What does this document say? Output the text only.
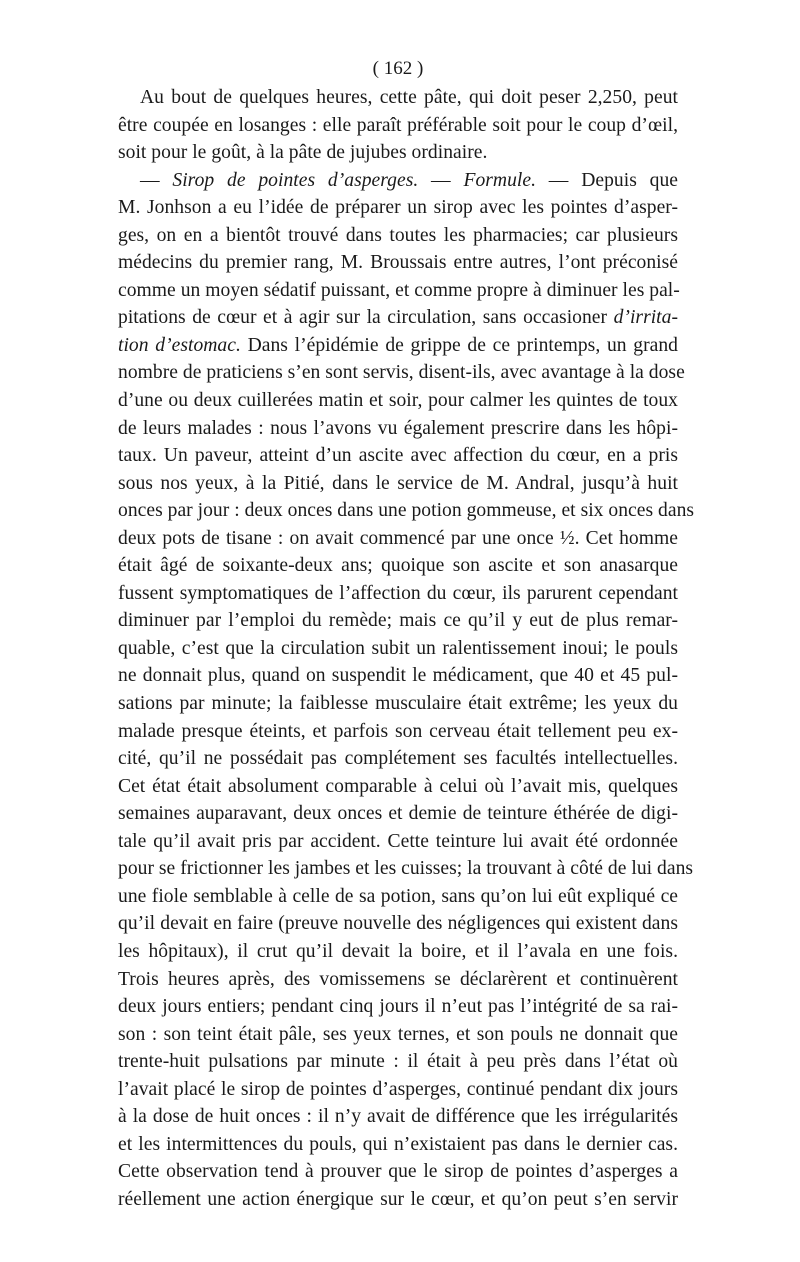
( 162 )
Au bout de quelques heures, cette pâte, qui doit peser 2,250, peut
être coupée en losanges : elle paraît préférable soit pour le coup d’œil,
soit pour le goût, à la pâte de jujubes ordinaire.
— Sirop de pointes d’asperges. — Formule. — Depuis que
M. Jonhson a eu l’idée de préparer un sirop avec les pointes d’asper-
ges, on en a bientôt trouvé dans toutes les pharmacies; car plusieurs
médecins du premier rang, M. Broussais entre autres, l’ont préconisé
comme un moyen sédatif puissant, et comme propre à diminuer les pal-
pitations de cœur et à agir sur la circulation, sans occasioner d’irrita-
tion d’estomac. Dans l’épidémie de grippe de ce printemps, un grand
nombre de praticiens s’en sont servis, disent-ils, avec avantage à la dose
d’une ou deux cuillerées matin et soir, pour calmer les quintes de toux
de leurs malades : nous l’avons vu également prescrire dans les hôpi-
taux. Un paveur, atteint d’un ascite avec affection du cœur, en a pris
sous nos yeux, à la Pitié, dans le service de M. Andral, jusqu’à huit
onces par jour : deux onces dans une potion gommeuse, et six onces dans
deux pots de tisane : on avait commencé par une once ½. Cet homme
était âgé de soixante-deux ans; quoique son ascite et son anasarque
fussent symptomatiques de l’affection du cœur, ils parurent cependant
diminuer par l’emploi du remède; mais ce qu’il y eut de plus remar-
quable, c’est que la circulation subit un ralentissement inoui; le pouls
ne donnait plus, quand on suspendit le médicament, que 40 et 45 pul-
sations par minute; la faiblesse musculaire était extrême; les yeux du
malade presque éteints, et parfois son cerveau était tellement peu ex-
cité, qu’il ne possédait pas complétement ses facultés intellectuelles.
Cet état était absolument comparable à celui où l’avait mis, quelques
semaines auparavant, deux onces et demie de teinture éthérée de digi-
tale qu’il avait pris par accident. Cette teinture lui avait été ordonnée
pour se frictionner les jambes et les cuisses; la trouvant à côté de lui dans
une fiole semblable à celle de sa potion, sans qu’on lui eût expliqué ce
qu’il devait en faire (preuve nouvelle des négligences qui existent dans
les hôpitaux), il crut qu’il devait la boire, et il l’avala en une fois.
Trois heures après, des vomissemens se déclarèrent et continuèrent
deux jours entiers; pendant cinq jours il n’eut pas l’intégrité de sa rai-
son : son teint était pâle, ses yeux ternes, et son pouls ne donnait que
trente-huit pulsations par minute : il était à peu près dans l’état où
l’avait placé le sirop de pointes d’asperges, continué pendant dix jours
à la dose de huit onces : il n’y avait de différence que les irrégularités
et les intermittences du pouls, qui n’existaient pas dans le dernier cas.
Cette observation tend à prouver que le sirop de pointes d’asperges a
réellement une action énergique sur le cœur, et qu’on peut s’en servir
